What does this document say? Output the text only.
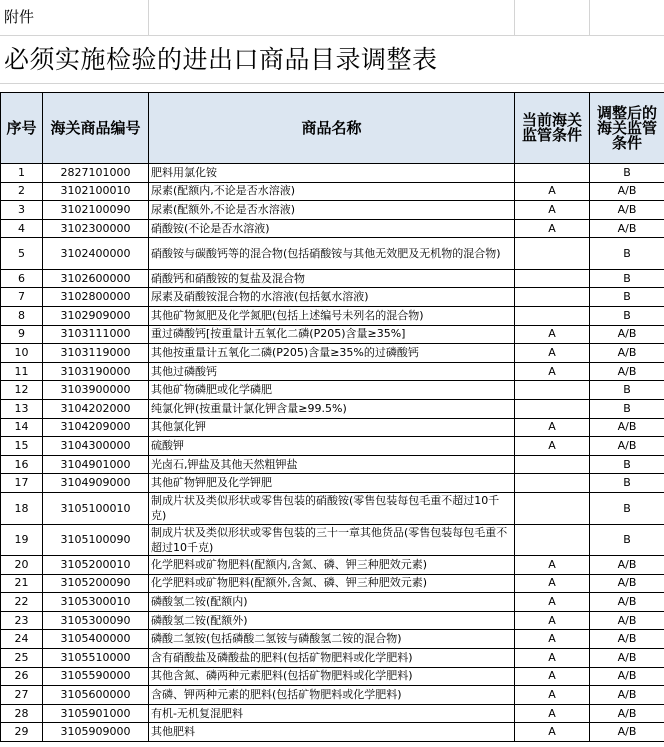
附件
必须实施检验的进出口商品目录调整表
序号	海关商品编号	商品名称	当前海关监管条件	调整后的海关监管条件
1	2827101000	肥料用氯化铵		B
2	3102100010	尿素(配额内,不论是否水溶液)	A	A/B
3	3102100090	尿素(配额外,不论是否水溶液)	A	A/B
4	3102300000	硝酸铵(不论是否水溶液)	A	A/B
5	3102400000	硝酸铵与碳酸钙等的混合物(包括硝酸铵与其他无效肥及无机物的混合物)		B
6	3102600000	硝酸钙和硝酸铵的复盐及混合物		B
7	3102800000	尿素及硝酸铵混合物的水溶液(包括氨水溶液)		B
8	3102909000	其他矿物氮肥及化学氮肥(包括上述编号未列名的混合物)		B
9	3103111000	重过磷酸钙[按重量计五氧化二磷(P205)含量≥35%]	A	A/B
10	3103119000	其他按重量计五氧化二磷(P205)含量≥35%的过磷酸钙	A	A/B
11	3103190000	其他过磷酸钙	A	A/B
12	3103900000	其他矿物磷肥或化学磷肥		B
13	3104202000	纯氯化钾(按重量计氯化钾含量≥99.5%)		B
14	3104209000	其他氯化钾	A	A/B
15	3104300000	硫酸钾	A	A/B
16	3104901000	光卤石,钾盐及其他天然粗钾盐		B
17	3104909000	其他矿物钾肥及化学钾肥		B
18	3105100010	制成片状及类似形状或零售包装的硝酸铵(零售包装每包毛重不超过10千克)		B
19	3105100090	制成片状及类似形状或零售包装的三十一章其他货品(零售包装每包毛重不超过10千克)		B
20	3105200010	化学肥料或矿物肥料(配额内,含氮、磷、钾三种肥效元素)	A	A/B
21	3105200090	化学肥料或矿物肥料(配额外,含氮、磷、钾三种肥效元素)	A	A/B
22	3105300010	磷酸氢二铵(配额内)	A	A/B
23	3105300090	磷酸氢二铵(配额外)	A	A/B
24	3105400000	磷酸二氢铵(包括磷酸二氢铵与磷酸氢二铵的混合物)	A	A/B
25	3105510000	含有硝酸盐及磷酸盐的肥料(包括矿物肥料或化学肥料)	A	A/B
26	3105590000	其他含氮、磷两种元素肥料(包括矿物肥料或化学肥料)	A	A/B
27	3105600000	含磷、钾两种元素的肥料(包括矿物肥料或化学肥料)	A	A/B
28	3105901000	有机-无机复混肥料	A	A/B
29	3105909000	其他肥料	A	A/B
